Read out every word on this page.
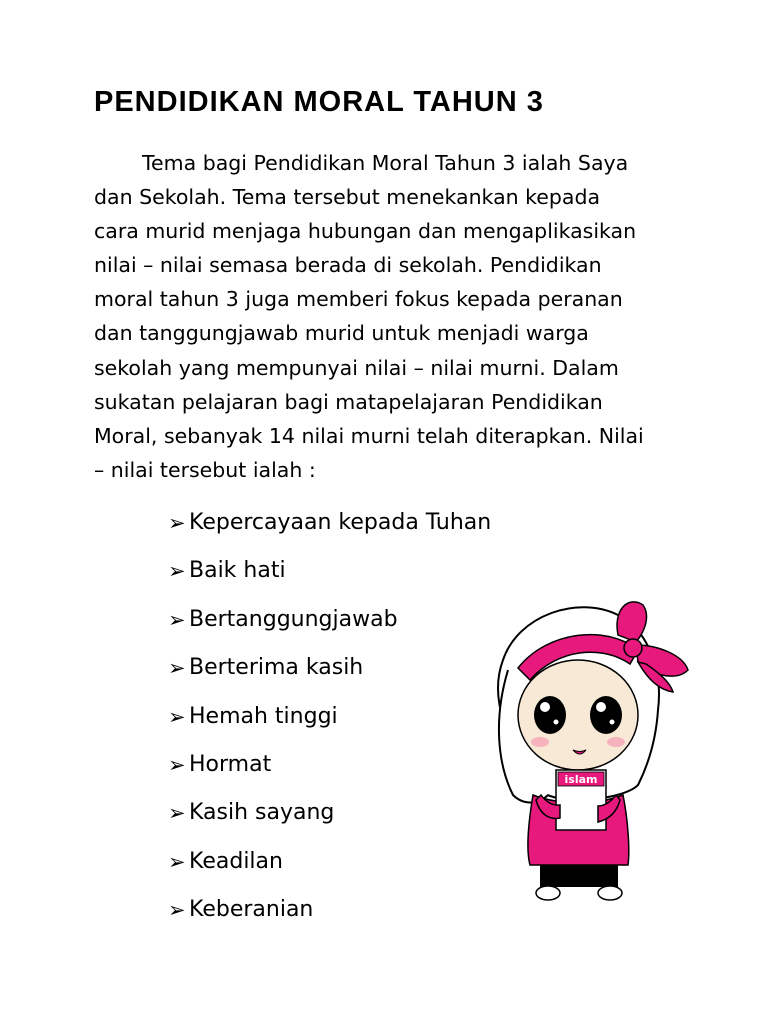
PENDIDIKAN MORAL TAHUN 3

Tema bagi Pendidikan Moral Tahun 3 ialah Saya
dan Sekolah. Tema tersebut menekankan kepada
cara murid menjaga hubungan dan mengaplikasikan
nilai – nilai semasa berada di sekolah. Pendidikan
moral tahun 3 juga memberi fokus kepada peranan
dan tanggungjawab murid untuk menjadi warga
sekolah yang mempunyai nilai – nilai murni. Dalam
sukatan pelajaran bagi matapelajaran Pendidikan
Moral, sebanyak 14 nilai murni telah diterapkan. Nilai
– nilai tersebut ialah :

➢ Kepercayaan kepada Tuhan
➢ Baik hati
➢ Bertanggungjawab
➢ Berterima kasih
➢ Hemah tinggi
➢ Hormat
➢ Kasih sayang
➢ Keadilan
➢ Keberanian
islam
